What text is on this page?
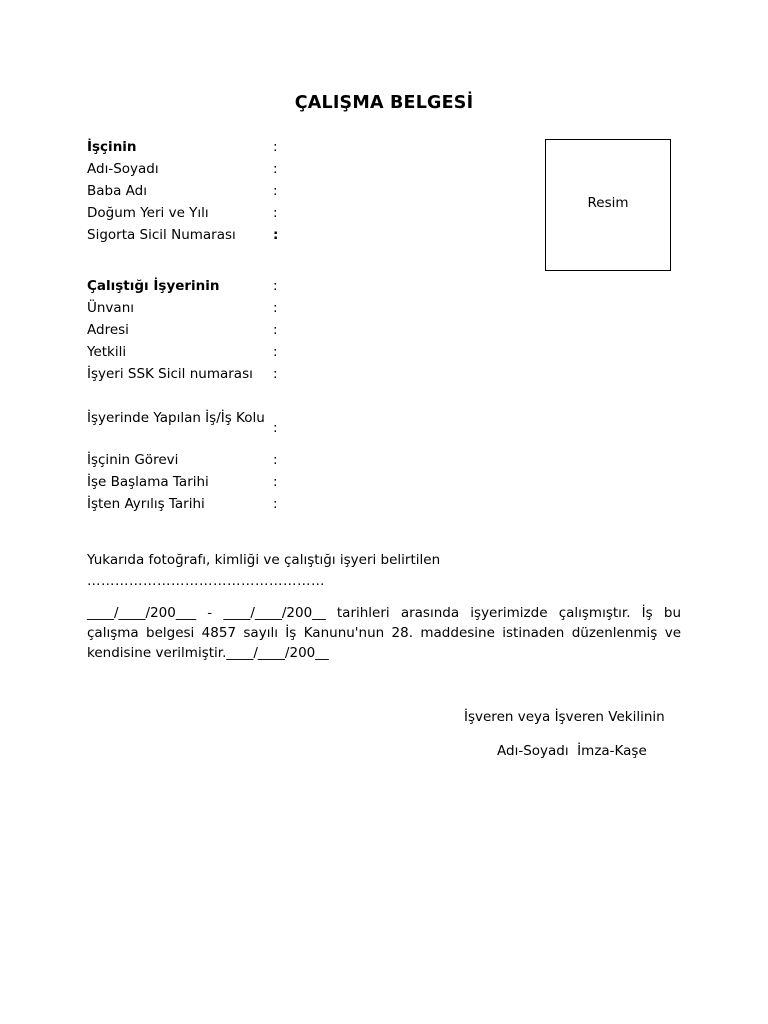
ÇALIŞMA BELGESİ
İşçinin	:
Adı-Soyadı	:
Baba Adı	:
Doğum Yeri ve Yılı	:
Sigorta Sicil Numarası	:
Resim
Çalıştığı İşyerinin	:
Ünvanı	:
Adresi	:
Yetkili	:
İşyeri SSK Sicil numarası	:
İşyerinde Yapılan İş/İş Kolu
:
İşçinin Görevi	:
İşe Başlama Tarihi	:
İşten Ayrılış Tarihi	:
Yukarıda fotoğrafı, kimliği ve çalıştığı işyeri belirtilen
……………………………………………
____/____/200___ - ____/____/200__ tarihleri arasında işyerimizde çalışmıştır. İş bu çalışma belgesi 4857 sayılı İş Kanunu'nun 28. maddesine istinaden düzenlenmiş ve kendisine verilmiştir.____/____/200__
İşveren veya İşveren Vekilinin
Adı-Soyadı  İmza-Kaşe
